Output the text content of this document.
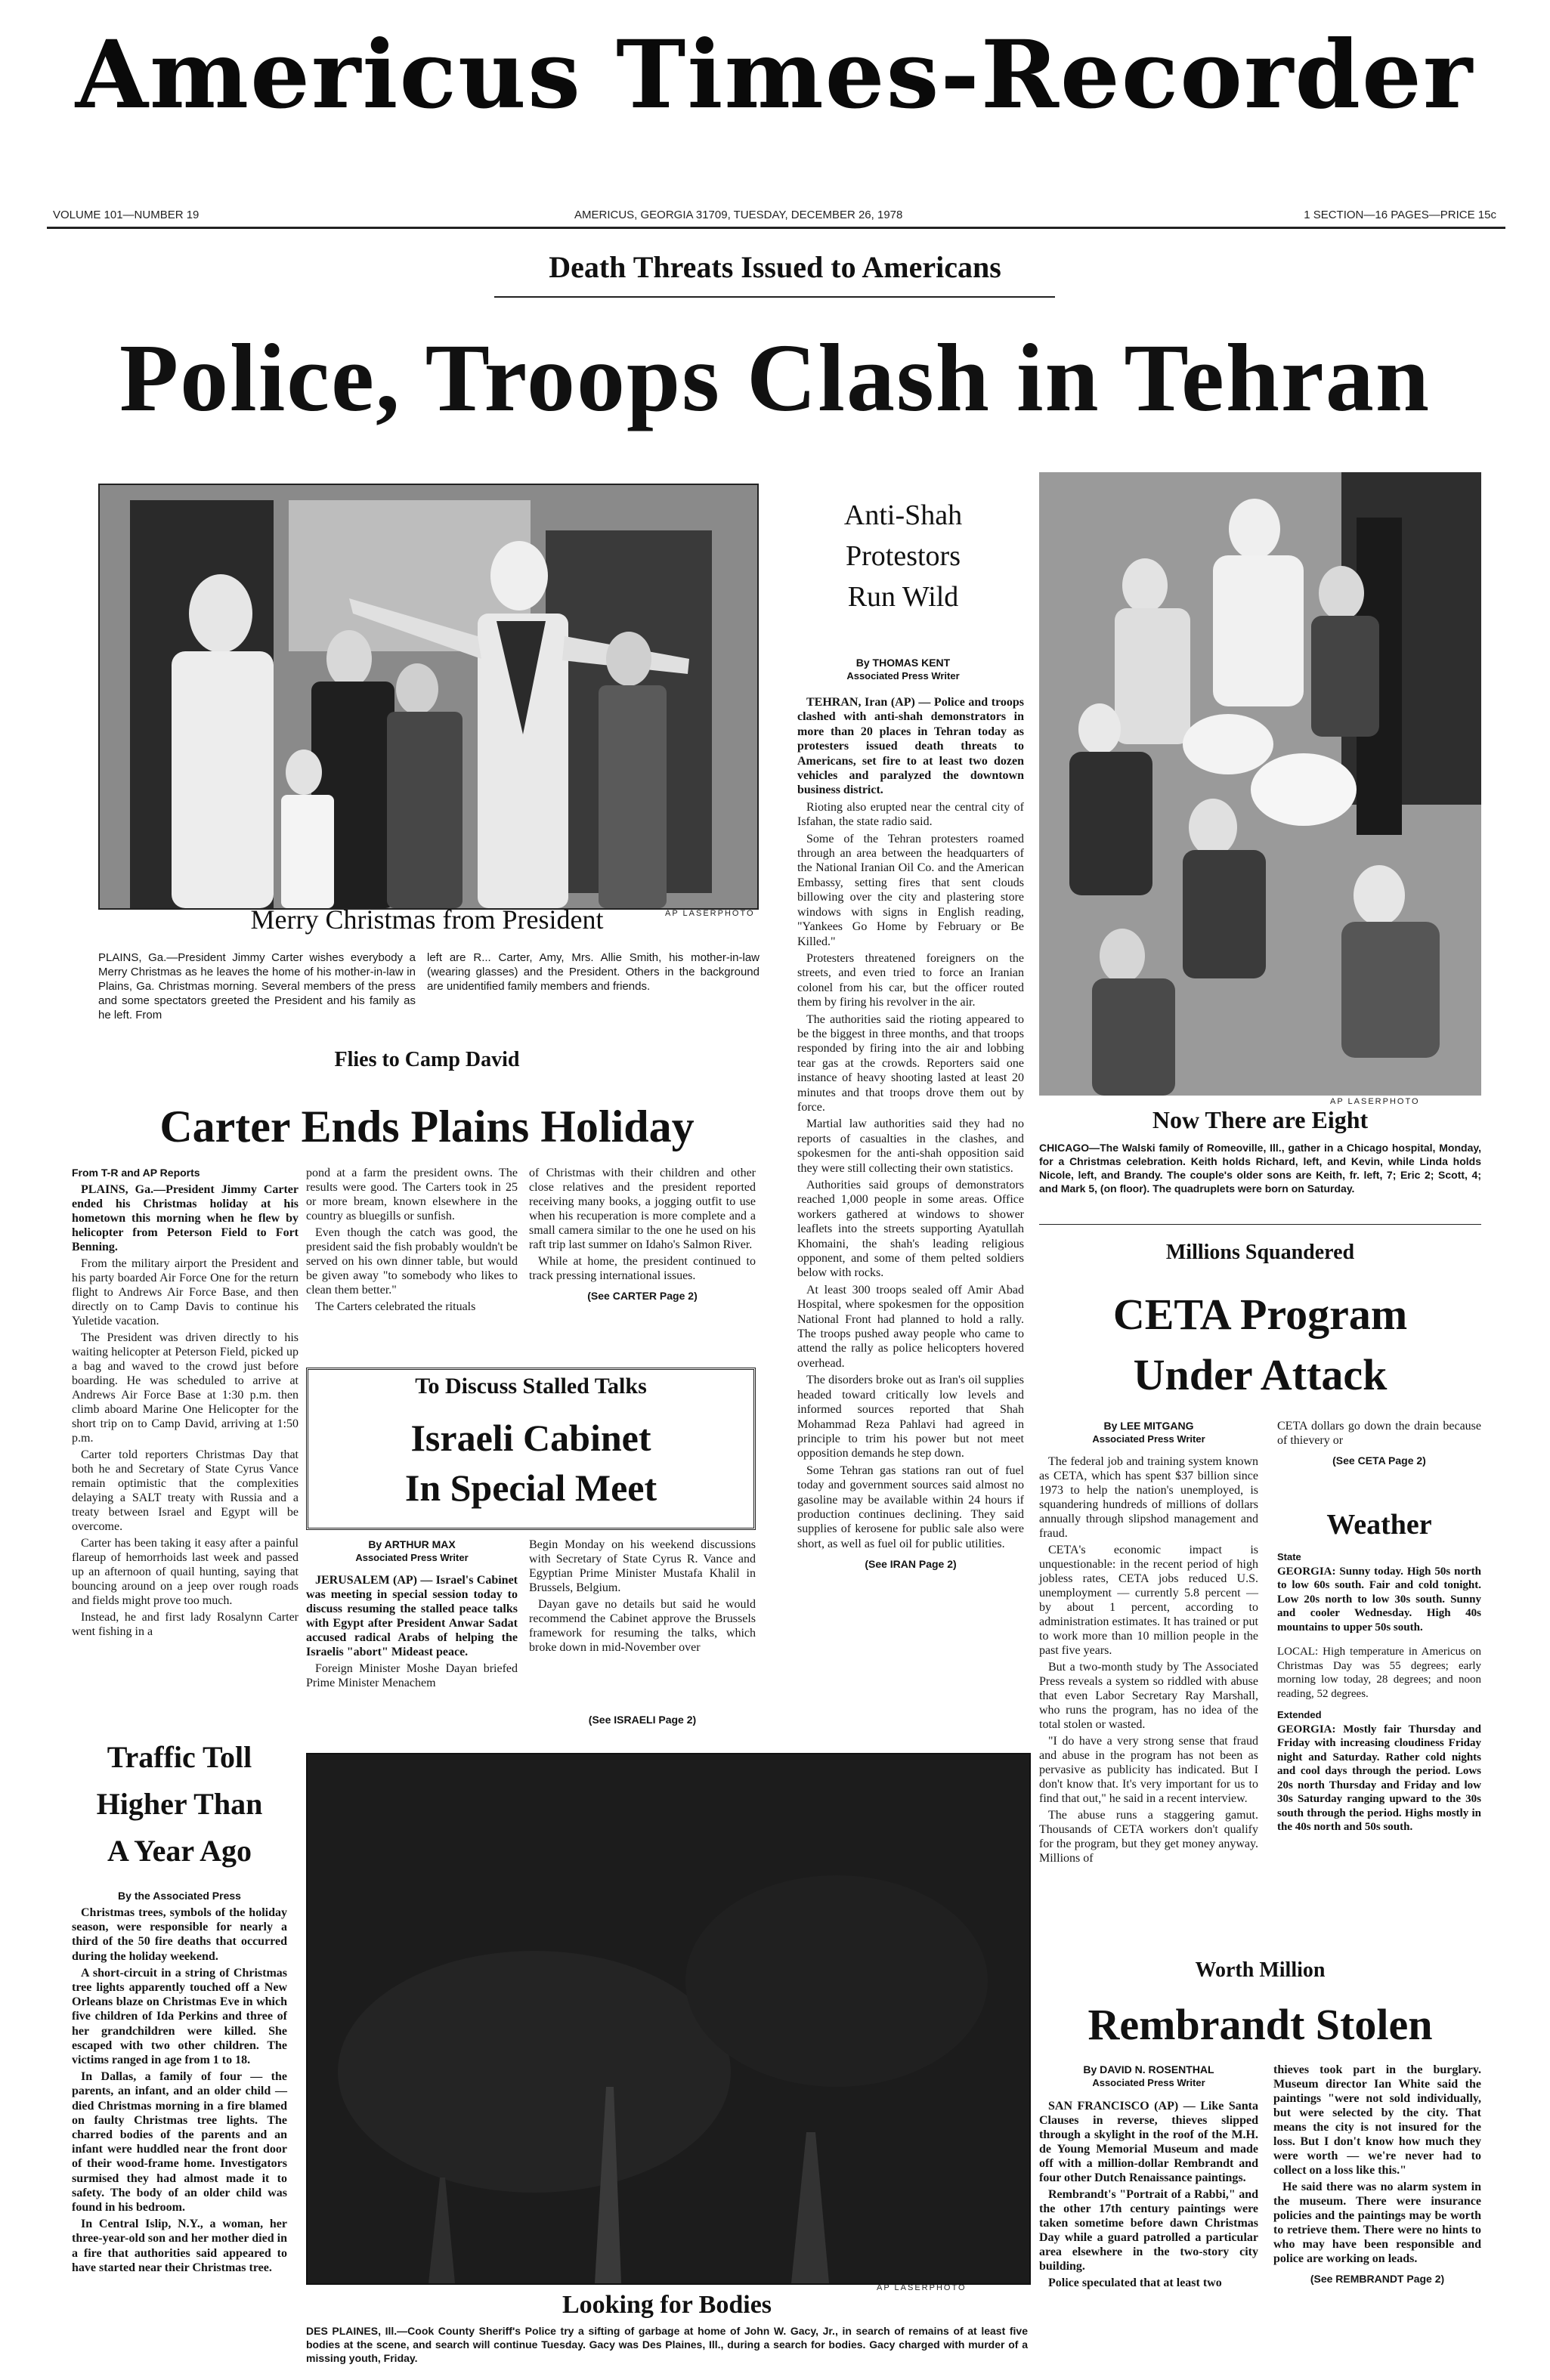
Americus Times-Recorder
VOLUME 101—NUMBER 19	AMERICUS, GEORGIA 31709, TUESDAY, DECEMBER 26, 1978	1 SECTION—16 PAGES—PRICE 15c
Death Threats Issued to Americans
Police, Troops Clash in Tehran
AP LASERPHOTO
Merry Christmas from President
PLAINS, Ga.—President Jimmy Carter wishes everybody a Merry Christmas as he leaves the home of his mother-in-law in Plains, Ga. Christmas morning. Several members of the press and some spectators greeted the President and his family as he left. From
left are R... Carter, Amy, Mrs. Allie Smith, his mother-in-law (wearing glasses) and the President. Others in the background are unidentified family members and friends.
Anti-Shah
Protestors
Run Wild
By THOMAS KENT
Associated Press Writer

TEHRAN, Iran (AP) — Police and troops clashed with anti-shah demonstrators in more than 20 places in Tehran today as protesters issued death threats to Americans, set fire to at least two dozen vehicles and paralyzed the downtown business district.

Rioting also erupted near the central city of Isfahan, the state radio said.

Some of the Tehran protesters roamed through an area between the headquarters of the National Iranian Oil Co. and the American Embassy, setting fires that sent clouds billowing over the city and plastering store windows with signs in English reading, "Yankees Go Home by February or Be Killed."

Protesters threatened foreigners on the streets, and even tried to force an Iranian colonel from his car, but the officer routed them by firing his revolver in the air.

The authorities said the rioting appeared to be the biggest in three months, and that troops responded by firing into the air and lobbing tear gas at the crowds. Reporters said one instance of heavy shooting lasted at least 20 minutes and that troops drove them out by force.

Martial law authorities said they had no reports of casualties in the clashes, and spokesmen for the anti-shah opposition said they were still collecting their own statistics.

Authorities said groups of demonstrators reached 1,000 people in some areas. Office workers gathered at windows to shower leaflets into the streets supporting Ayatullah Khomaini, the shah's leading religious opponent, and some of them pelted soldiers below with rocks.

At least 300 troops sealed off Amir Abad Hospital, where spokesmen for the opposition National Front had planned to hold a rally. The troops pushed away people who came to attend the rally as police helicopters hovered overhead.

The disorders broke out as Iran's oil supplies headed toward critically low levels and informed sources reported that Shah Mohammad Reza Pahlavi had agreed in principle to trim his power but not meet opposition demands he step down.

Some Tehran gas stations ran out of fuel today and government sources said almost no gasoline may be available within 24 hours if production continues declining. They said supplies of kerosene for public sale also were short, as well as fuel oil for public utilities.

(See IRAN Page 2)
AP LASERPHOTO
Now There are Eight
CHICAGO—The Walski family of Romeoville, Ill., gather in a Chicago hospital, Monday, for a Christmas celebration. Keith holds Richard, left, and Kevin, while Linda holds Nicole, left, and Brandy. The couple's older sons are Keith, fr. left, 7; Eric 2; Scott, 4; and Mark 5, (on floor). The quadruplets were born on Saturday.
Flies to Camp David
Carter Ends Plains Holiday
From T-R and AP Reports

PLAINS, Ga.—President Jimmy Carter ended his Christmas holiday at his hometown this morning when he flew by helicopter from Peterson Field to Fort Benning.

From the military airport the President and his party boarded Air Force One for the return flight to Andrews Air Force Base, and then directly on to Camp Davis to continue his Yuletide vacation.

The President was driven directly to his waiting helicopter at Peterson Field, picked up a bag and waved to the crowd just before boarding. He was scheduled to arrive at Andrews Air Force Base at 1:30 p.m. then climb aboard Marine One Helicopter for the short trip on to Camp David, arriving at 1:50 p.m.

Carter told reporters Christmas Day that both he and Secretary of State Cyrus Vance remain optimistic that the complexities delaying a SALT treaty with Russia and a treaty between Israel and Egypt will be overcome.

Carter has been taking it easy after a painful flareup of hemorrhoids last week and passed up an afternoon of quail hunting, saying that bouncing around on a jeep over rough roads and fields might prove too much.

Instead, he and first lady Rosalynn Carter went fishing in a

pond at a farm the president owns. The results were good. The Carters took in 25 or more bream, known elsewhere in the country as bluegills or sunfish.

Even though the catch was good, the president said the fish probably wouldn't be served on his own dinner table, but would be given away "to somebody who likes to clean them better."

The Carters celebrated the rituals

of Christmas with their children and other close relatives and the president reported receiving many books, a jogging outfit to use when his recuperation is more complete and a small camera similar to the one he used on his raft trip last summer on Idaho's Salmon River.

While at home, the president continued to track pressing international issues.

(See CARTER Page 2)
To Discuss Stalled Talks
Israeli Cabinet
In Special Meet
By ARTHUR MAX
Associated Press Writer

JERUSALEM (AP) — Israel's Cabinet was meeting in special session today to discuss resuming the stalled peace talks with Egypt after President Anwar Sadat accused radical Arabs of helping the Israelis "abort" Mideast peace.

Foreign Minister Moshe Dayan briefed Prime Minister Menachem

Begin Monday on his weekend discussions with Secretary of State Cyrus R. Vance and Egyptian Prime Minister Mustafa Khalil in Brussels, Belgium.

Dayan gave no details but said he would recommend the Cabinet approve the Brussels framework for resuming the talks, which broke down in mid-November over

(See ISRAELI Page 2)
Millions Squandered
CETA Program
Under Attack
By LEE MITGANG
Associated Press Writer

The federal job and training system known as CETA, which has spent $37 billion since 1973 to help the nation's unemployed, is squandering hundreds of millions of dollars annually through slipshod management and fraud.

CETA's economic impact is unquestionable: in the recent period of high jobless rates, CETA jobs reduced U.S. unemployment — currently 5.8 percent — by about 1 percent, according to administration estimates. It has trained or put to work more than 10 million people in the past five years.

But a two-month study by The Associated Press reveals a system so riddled with abuse that even Labor Secretary Ray Marshall, who runs the program, has no idea of the total stolen or wasted.

"I do have a very strong sense that fraud and abuse in the program has not been as pervasive as publicity has indicated. But I don't know that. It's very important for us to find that out," he said in a recent interview.

The abuse runs a staggering gamut. Thousands of CETA workers don't qualify for the program, but they get money anyway. Millions of

CETA dollars go down the drain because of thievery or

(See CETA Page 2)
Weather
State
GEORGIA: Sunny today. High 50s north to low 60s south. Fair and cold tonight. Low 20s north to low 30s south. Sunny and cooler Wednesday. High 40s mountains to upper 50s south.
LOCAL: High temperature in Americus on Christmas Day was 55 degrees; early morning low today, 28 degrees; and noon reading, 52 degrees.
Extended
GEORGIA: Mostly fair Thursday and Friday with increasing cloudiness Friday night and Saturday. Rather cold nights and cool days through the period. Lows 20s north Thursday and Friday and low 30s Saturday ranging upward to the 30s south through the period. Highs mostly in the 40s north and 50s south.
Traffic Toll
Higher Than
A Year Ago
By the Associated Press

Christmas trees, symbols of the holiday season, were responsible for nearly a third of the 50 fire deaths that occurred during the holiday weekend.

A short-circuit in a string of Christmas tree lights apparently touched off a New Orleans blaze on Christmas Eve in which five children of Ida Perkins and three of her grandchildren were killed. She escaped with two other children. The victims ranged in age from 1 to 18.

In Dallas, a family of four — the parents, an infant, and an older child — died Christmas morning in a fire blamed on faulty Christmas tree lights. The charred bodies of the parents and an infant were huddled near the front door of their wood-frame home. Investigators surmised they had almost made it to safety. The body of an older child was found in his bedroom.

In Central Islip, N.Y., a woman, her three-year-old son and her mother died in a fire that authorities said appeared to have started near their Christmas tree.

AP LASERPHOTO
Looking for Bodies
DES PLAINES, Ill.—Cook County Sheriff's Police try a sifting of garbage at home of John W. Gacy, Jr., in search of remains of at least five bodies at the scene, and search will continue Tuesday. Gacy was Des Plaines, Ill., during a search for bodies. Gacy charged with murder of a missing youth, Friday.
Worth Million
Rembrandt Stolen
By DAVID N. ROSENTHAL
Associated Press Writer

SAN FRANCISCO (AP) — Like Santa Clauses in reverse, thieves slipped through a skylight in the roof of the M.H. de Young Memorial Museum and made off with a million-dollar Rembrandt and four other Dutch Renaissance paintings.

Rembrandt's "Portrait of a Rabbi," and the other 17th century paintings were taken sometime before dawn Christmas Day while a guard patrolled a particular area elsewhere in the two-story city building.

Police speculated that at least two

thieves took part in the burglary. Museum director Ian White said the paintings "were not sold individually, but were selected by the city. That means the city is not insured for the loss. But I don't know how much they were worth — we're never had to collect on a loss like this."

He said there was no alarm system in the museum. There were insurance policies and the paintings may be worth to retrieve them. There were no hints to who may have been responsible and police are working on leads.

(See REMBRANDT Page 2)
